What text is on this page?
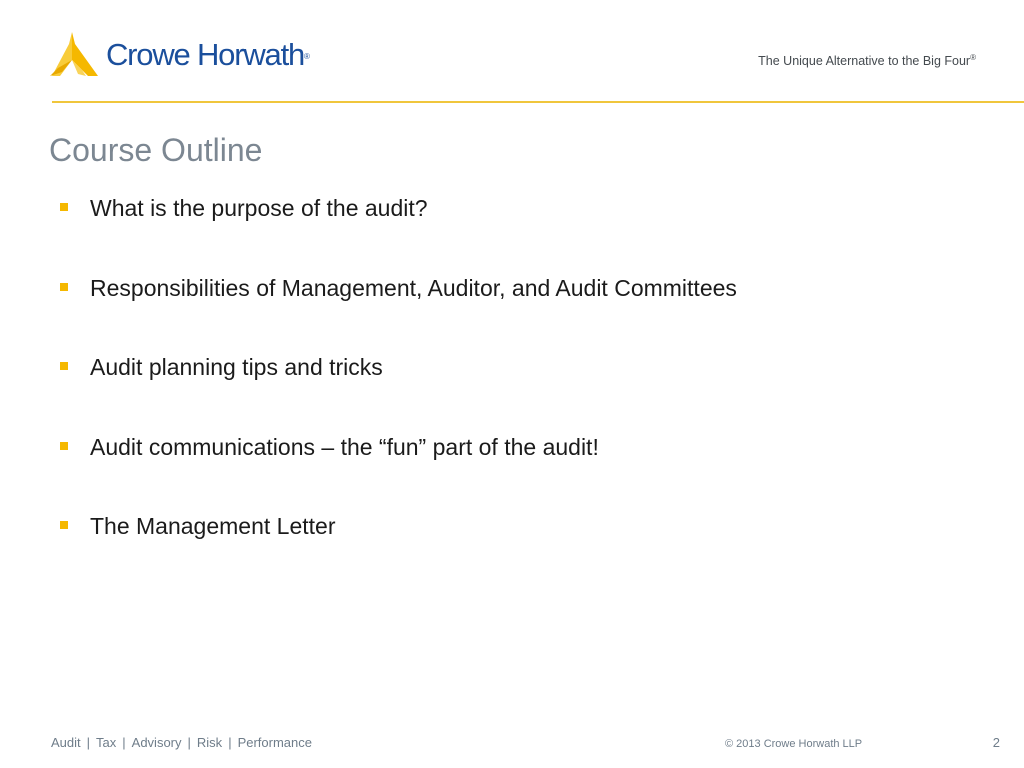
Crowe Horwath®	The Unique Alternative to the Big Four®
Course Outline
What is the purpose of the audit?
Responsibilities of Management, Auditor, and Audit Committees
Audit planning tips and tricks
Audit communications – the “fun” part of the audit!
The Management Letter
Audit | Tax | Advisory | Risk | Performance	© 2013 Crowe Horwath LLP	2
